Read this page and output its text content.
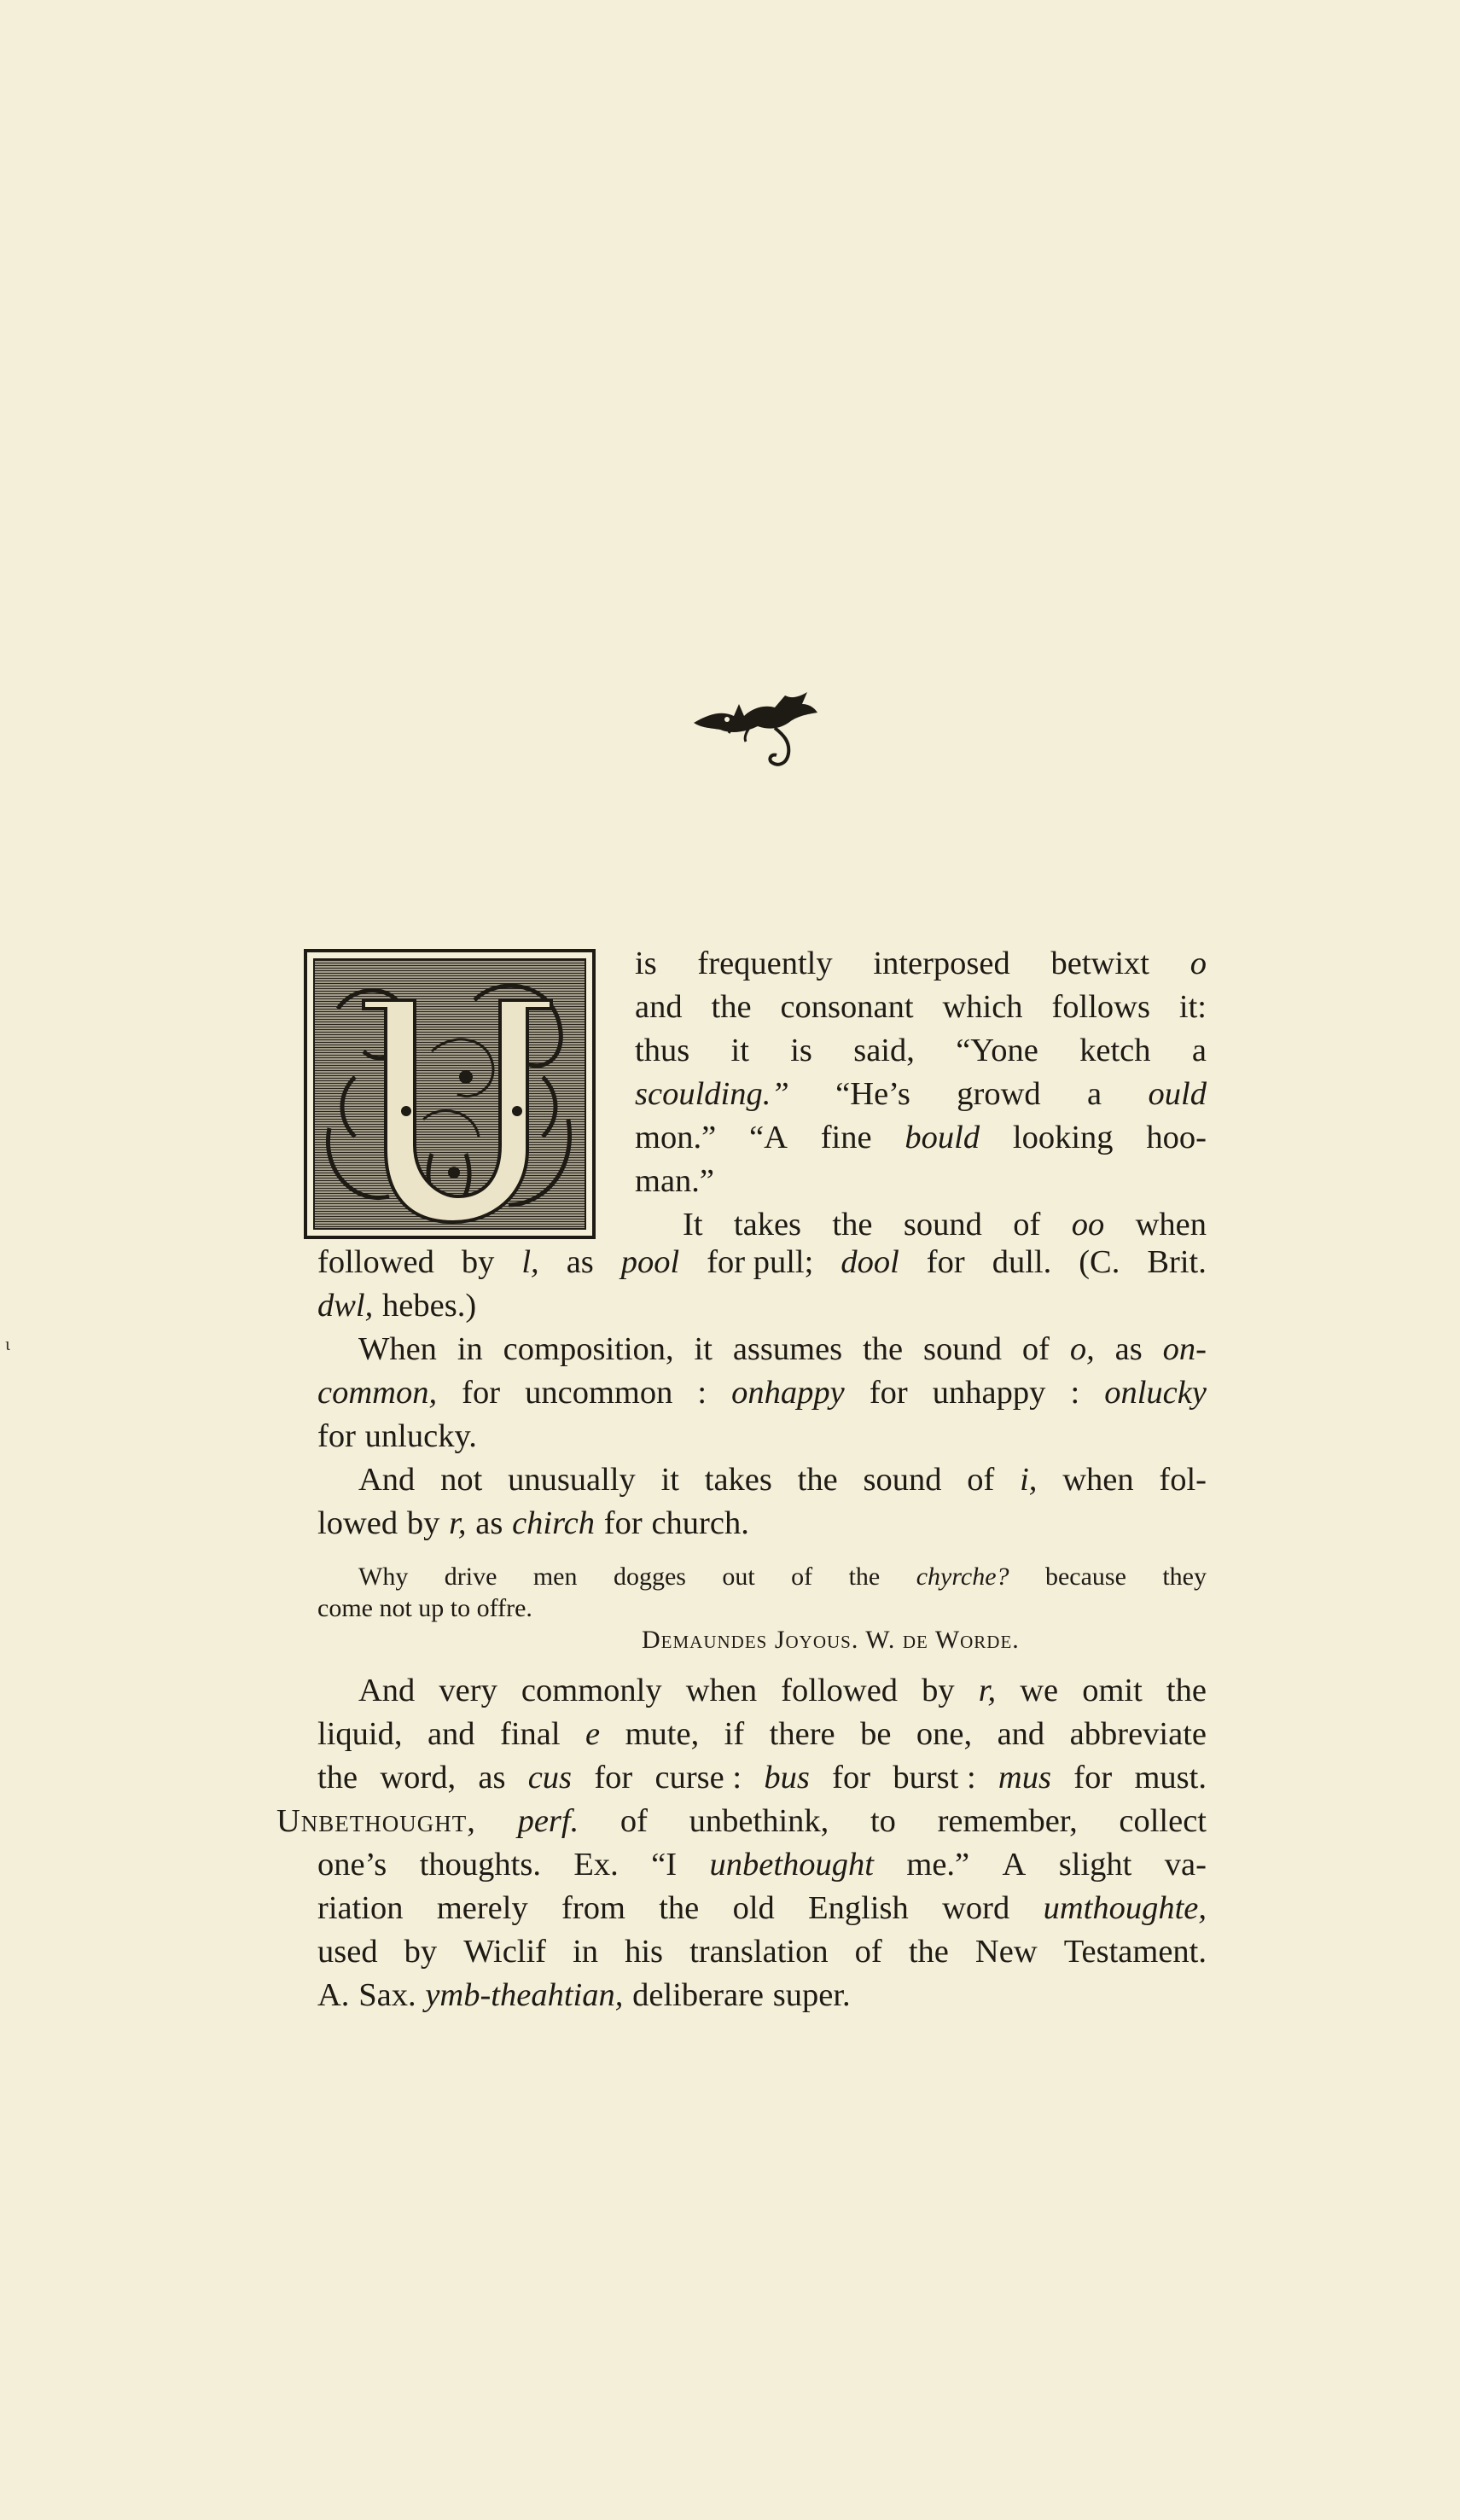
ι
is frequently interposed betwixt o
and the consonant which follows it:
thus it is said, “Yone ketch a
scoulding.” “He’s growd a ould
mon.” “A fine bould looking hoo-
man.”
It takes the sound of oo when
followed by l, as pool for pull; dool for dull. (C. Brit.
dwl, hebes.)
When in composition, it assumes the sound of o, as on-
common, for uncommon : onhappy for unhappy : onlucky
for unlucky.
And not unusually it takes the sound of i, when fol-
lowed by r, as chirch for church.
Why drive men dogges out of the chyrche? because they
come not up to offre.
Demaundes Joyous. W. de Worde.
And very commonly when followed by r, we omit the
liquid, and final e mute, if there be one, and abbreviate
the word, as cus for curse : bus for burst : mus for must.
Unbethought, perf. of unbethink, to remember, collect
one’s thoughts. Ex. “I unbethought me.” A slight va-
riation merely from the old English word umthoughte,
used by Wiclif in his translation of the New Testament.
A. Sax. ymb-theahtian, deliberare super.
